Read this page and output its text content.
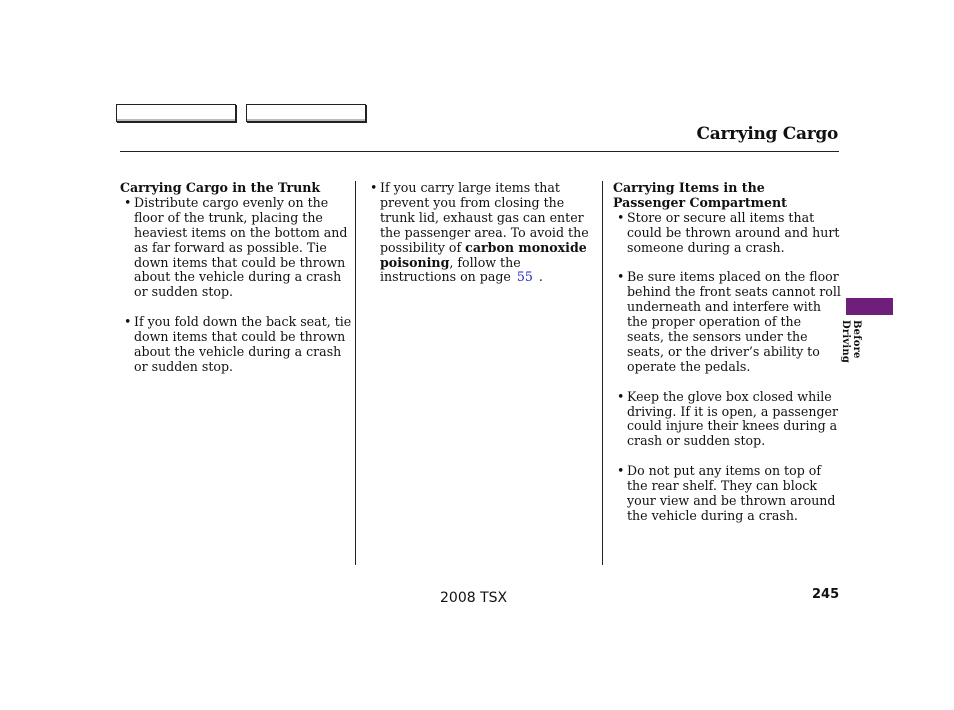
Carrying Cargo

Carrying Cargo in the Trunk

• Distribute cargo evenly on the floor of the trunk, placing the heaviest items on the bottom and as far forward as possible. Tie down items that could be thrown about the vehicle during a crash or sudden stop.

• If you fold down the back seat, tie down items that could be thrown about the vehicle during a crash or sudden stop.

• If you carry large items that prevent you from closing the trunk lid, exhaust gas can enter the passenger area. To avoid the possibility of carbon monoxide poisoning, follow the instructions on page 55 .

Carrying Items in the Passenger Compartment

• Store or secure all items that could be thrown around and hurt someone during a crash.

• Be sure items placed on the floor behind the front seats cannot roll underneath and interfere with the proper operation of the seats, the sensors under the seats, or the driver’s ability to operate the pedals.

• Keep the glove box closed while driving. If it is open, a passenger could injure their knees during a crash or sudden stop.

• Do not put any items on top of the rear shelf. They can block your view and be thrown around the vehicle during a crash.

Before Driving
2008 TSX	245
